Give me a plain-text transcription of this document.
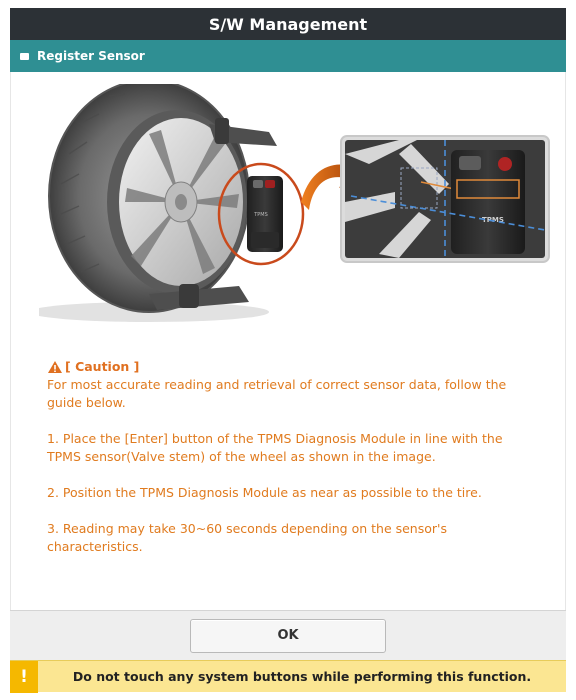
S/W Management
Register Sensor
TPMS
TPMS
[ Caution ]

For most accurate reading and retrieval of correct sensor data, follow the guide below.

1. Place the [Enter] button of the TPMS Diagnosis Module in line with the TPMS sensor(Valve stem) of the wheel as shown in the image.

2. Position the TPMS Diagnosis Module as near as possible to the tire.

3. Reading may take 30~60 seconds depending on the sensor's characteristics.

OK
!	Do not touch any system buttons while performing this function.
